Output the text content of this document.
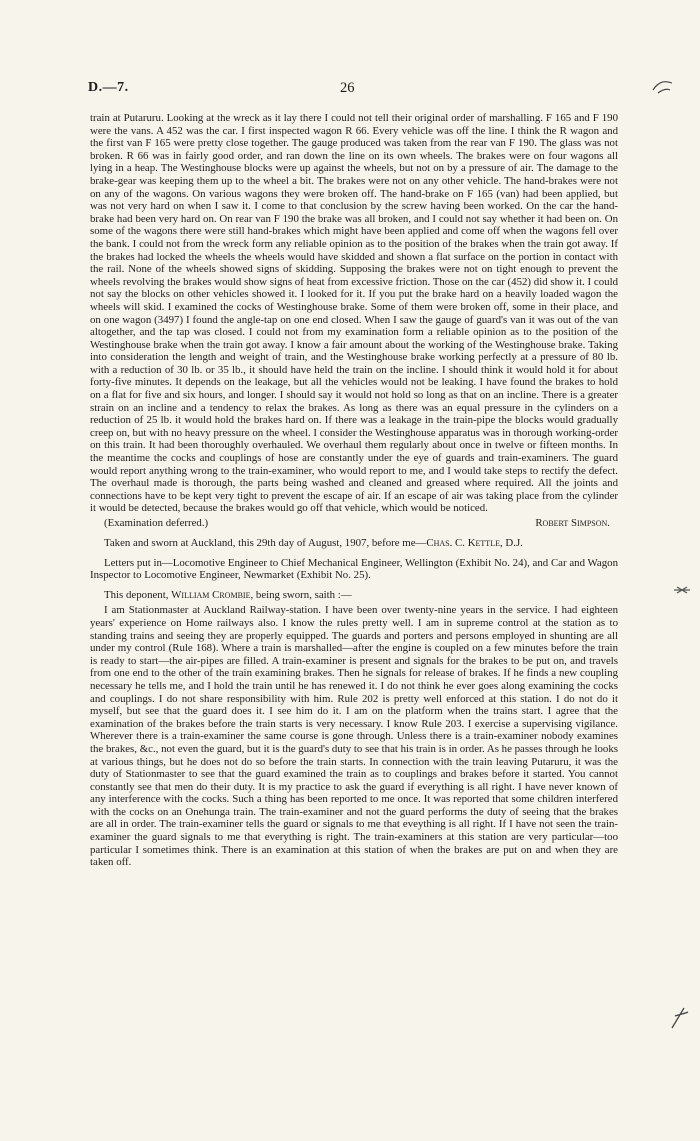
D.—7.	26

train at Putaruru. Looking at the wreck as it lay there I could not tell their original order of marshalling. F 165 and F 190 were the vans. A 452 was the car. I first inspected wagon R 66. Every vehicle was off the line. I think the R wagon and the first van F 165 were pretty close together. The gauge produced was taken from the rear van F 190. The glass was not broken. R 66 was in fairly good order, and ran down the line on its own wheels. The brakes were on four wagons all lying in a heap. The Westinghouse blocks were up against the wheels, but not on by a pressure of air. The damage to the brake-gear was keeping them up to the wheel a bit. The brakes were not on any other vehicle. The hand-brakes were not on any of the wagons. On various wagons they were broken off. The hand-brake on F 165 (van) had been applied, but was not very hard on when I saw it. I come to that conclusion by the screw having been worked. On the car the hand-brake had been very hard on. On rear van F 190 the brake was all broken, and I could not say whether it had been on. On some of the wagons there were still hand-brakes which might have been applied and come off when the wagons fell over the bank. I could not from the wreck form any reliable opinion as to the position of the brakes when the train got away. If the brakes had locked the wheels the wheels would have skidded and shown a flat surface on the portion in contact with the rail. None of the wheels showed signs of skidding. Supposing the brakes were not on tight enough to prevent the wheels revolving the brakes would show signs of heat from excessive friction. Those on the car (452) did show it. I could not say the blocks on other vehicles showed it. I looked for it. If you put the brake hard on a heavily loaded wagon the wheels will skid. I examined the cocks of Westinghouse brake. Some of them were broken off, some in their place, and on one wagon (3497) I found the angle-tap on one end closed. When I saw the gauge of guard's van it was out of the van altogether, and the tap was closed. I could not from my examination form a reliable opinion as to the position of the Westinghouse brake when the train got away. I know a fair amount about the working of the Westinghouse brake. Taking into consideration the length and weight of train, and the Westinghouse brake working perfectly at a pressure of 80 lb. with a reduction of 30 lb. or 35 lb., it should have held the train on the incline. I should think it would hold it for about forty-five minutes. It depends on the leakage, but all the vehicles would not be leaking. I have found the brakes to hold on a flat for five and six hours, and longer. I should say it would not hold so long as that on an incline. There is a greater strain on an incline and a tendency to relax the brakes. As long as there was an equal pressure in the cylinders on a reduction of 25 lb. it would hold the brakes hard on. If there was a leakage in the train-pipe the blocks would gradually creep on, but with no heavy pressure on the wheel. I consider the Westinghouse apparatus was in thorough working-order on this train. It had been thoroughly overhauled. We overhaul them regularly about once in twelve or fifteen months. In the meantime the cocks and couplings of hose are constantly under the eye of guards and train-examiners. The guard would report anything wrong to the train-examiner, who would report to me, and I would take steps to rectify the defect. The overhaul made is thorough, the parts being washed and cleaned and greased where required. All the joints and connections have to be kept very tight to prevent the escape of air. If an escape of air was taking place from the cylinder it would be detected, because the brakes would go off that vehicle, which would be noticed.

(Examination deferred.)	Robert Simpson.

Taken and sworn at Auckland, this 29th day of August, 1907, before me—Chas. C. Kettle, D.J.

Letters put in—Locomotive Engineer to Chief Mechanical Engineer, Wellington (Exhibit No. 24), and Car and Wagon Inspector to Locomotive Engineer, Newmarket (Exhibit No. 25).

This deponent, William Crombie, being sworn, saith :—

I am Stationmaster at Auckland Railway-station. I have been over twenty-nine years in the service. I had eighteen years' experience on Home railways also. I know the rules pretty well. I am in supreme control at the station as to standing trains and seeing they are properly equipped. The guards and porters and persons employed in shunting are all under my control (Rule 168). Where a train is marshalled—after the engine is coupled on a few minutes before the train is ready to start—the air-pipes are filled. A train-examiner is present and signals for the brakes to be put on, and travels from one end to the other of the train examining brakes. Then he signals for release of brakes. If he finds a new coupling necessary he tells me, and I hold the train until he has renewed it. I do not think he ever goes along examining the cocks and couplings. I do not share responsibility with him. Rule 202 is pretty well enforced at this station. I do not do it myself, but see that the guard does it. I see him do it. I am on the platform when the trains start. I agree that the examination of the brakes before the train starts is very necessary. I know Rule 203. I exercise a supervising vigilance. Wherever there is a train-examiner the same course is gone through. Unless there is a train-examiner nobody examines the brakes, &c., not even the guard, but it is the guard's duty to see that his train is in order. As he passes through he looks at various things, but he does not do so before the train starts. In connection with the train leaving Putaruru, it was the duty of Stationmaster to see that the guard examined the train as to couplings and brakes before it started. You cannot constantly see that men do their duty. It is my practice to ask the guard if everything is all right. I have never known of any interference with the cocks. Such a thing has been reported to me once. It was reported that some children interfered with the cocks on an Onehunga train. The train-examiner and not the guard performs the duty of seeing that the brakes are all in order. The train-examiner tells the guard or signals to me that eveything is all right. If I have not seen the train-examiner the guard signals to me that everything is right. The train-examiners at this station are very particular—too particular I sometimes think. There is an examination at this station of when the brakes are put on and when they are taken off.
